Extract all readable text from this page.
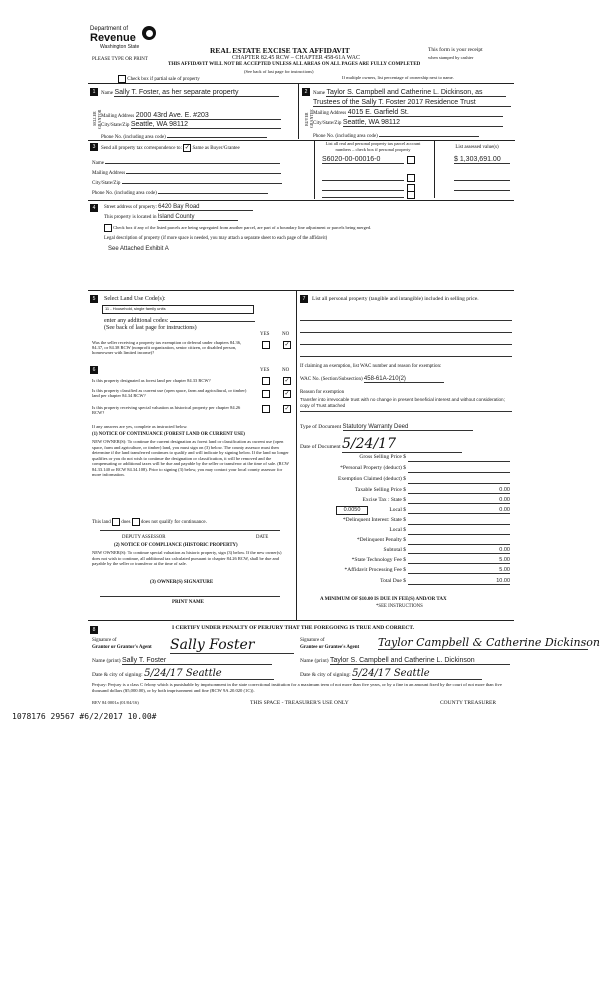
Department of
Revenue
Washington State	REAL ESTATE EXCISE TAX AFFIDAVIT
PLEASE TYPE OR PRINT	CHAPTER 82.45 RCW – CHAPTER 458-61A WAC
THIS AFFIDAVIT WILL NOT BE ACCEPTED UNLESS ALL AREAS ON ALL PAGES ARE FULLY COMPLETED
(See back of last page for instructions)
This form is your receipt
when stamped by cashier
Check box if partial sale of property	If multiple owners, list percentage of ownership next to name.
1
SELLER GRANTOR
Name Sally T. Foster, as her separate property
Mailing Address 2000 43rd Ave. E. #203
City/State/Zip Seattle, WA 98112
Phone No. (including area code)
2
BUYER GRANTEE
Name Taylor S. Campbell and Catherine L. Dickinson, as
Trustees of the Sally T. Foster 2017 Residence Trust
Mailing Address 4015 E. Garfield St.
City/State/Zip Seattle, WA 98112
Phone No. (including area code)
3	Send all property tax correspondence to: ✓ Same as Buyer/Grantee
Name
Mailing Address
City/State/Zip
Phone No. (including area code)
List all real and personal property tax parcel account numbers – check box if personal property	List assessed value(s)
S6020-00-00016-0	$ 1,303,691.00
4	Street address of property: 6420 Bay Road
This property is located in Island County
Check box if any of the listed parcels are being segregated from another parcel, are part of a boundary line adjustment or parcels being merged.
Legal description of property (if more space is needed, you may attach a separate sheet to each page of the affidavit)
See Attached Exhibit A
5	Select Land Use Code(s):
11 - Household, single family units
enter any additional codes:
(See back of last page for instructions)
YES	NO
Was the seller receiving a property tax exemption or deferral under chapters 84.36, 84.37, or 84.38 RCW (nonprofit organization, senior citizen, or disabled person, homeowner with limited income)?
✓
6	YES	NO
Is this property designated as forest land per chapter 84.33 RCW?	✓
Is this property classified as current use (open space, farm and agricultural, or timber) land per chapter 84.34 RCW?	✓
Is this property receiving special valuation as historical property per chapter 84.26 RCW?
✓
If any answers are yes, complete as instructed below.
(1) NOTICE OF CONTINUANCE (FOREST LAND OR CURRENT USE)
NEW OWNER(S): To continue the current designation as forest land or classification as current use (open space, farm and agriculture, or timber) land, you must sign on (3) below. The county assessor must then determine if the land transferred continues to qualify and will indicate by signing below. If the land no longer qualifies or you do not wish to continue the designation or classification, it will be removed and the compensating or additional taxes will be due and payable by the seller or transferor at the time of sale. (RCW 84.33.140 or RCW 84.34.108). Prior to signing (3) below, you may contact your local county assessor for more information.
This land does does not qualify for continuance.
DEPUTY ASSESSOR	DATE
(2) NOTICE OF COMPLIANCE (HISTORIC PROPERTY)
NEW OWNER(S): To continue special valuation as historic property, sign (3) below. If the new owner(s) does not wish to continue, all additional tax calculated pursuant to chapter 84.26 RCW, shall be due and payable by the seller or transferor at the time of sale.
(3) OWNER(S) SIGNATURE
PRINT NAME
7	List all personal property (tangible and intangible) included in selling price.
If claiming an exemption, list WAC number and reason for exemption:
WAC No. (Section/Subsection) 458-61A-210(2)
Reason for exemption
Transfer into irrevocable trust with no change in present beneficial interest and without consideration; copy of Trust attached
Type of Document Statutory Warranty Deed
Date of Document 5/24/17
Gross Selling Price $
*Personal Property (deduct) $
Exemption Claimed (deduct) $
Taxable Selling Price $	0.00
Excise Tax : State $	0.00
0.0050	Local $	0.00
*Delinquent Interest: State $
Local $
*Delinquent Penalty $
Subtotal $	0.00
*State Technology Fee $	5.00
*Affidavit Processing Fee $	5.00
Total Due $	10.00
A MINIMUM OF $10.00 IS DUE IN FEE(S) AND/OR TAX
*SEE INSTRUCTIONS
8	I CERTIFY UNDER PENALTY OF PERJURY THAT THE FOREGOING IS TRUE AND CORRECT.
Signature of
Grantor or Grantor's Agent Sally Foster
Name (print) Sally T. Foster
Date & city of signing: 5/24/17 Seattle
Signature of
Grantee or Grantee's Agent Taylor Campbell & Catherine Dickinson
Name (print) Taylor S. Campbell and Catherine L. Dickinson
Date & city of signing: 5/24/17 Seattle
Perjury: Perjury is a class C felony which is punishable by imprisonment in the state correctional institution for a maximum term of not more than five years, or by a fine in an amount fixed by the court of not more than five thousand dollars ($5,000.00), or by both imprisonment and fine (RCW 9A.20.020 (1C)).
REV 84 0001a (01/04/16)	THIS SPACE - TREASURER'S USE ONLY	COUNTY TREASURER
1078176 29567 #6/2/2017 10.00#
